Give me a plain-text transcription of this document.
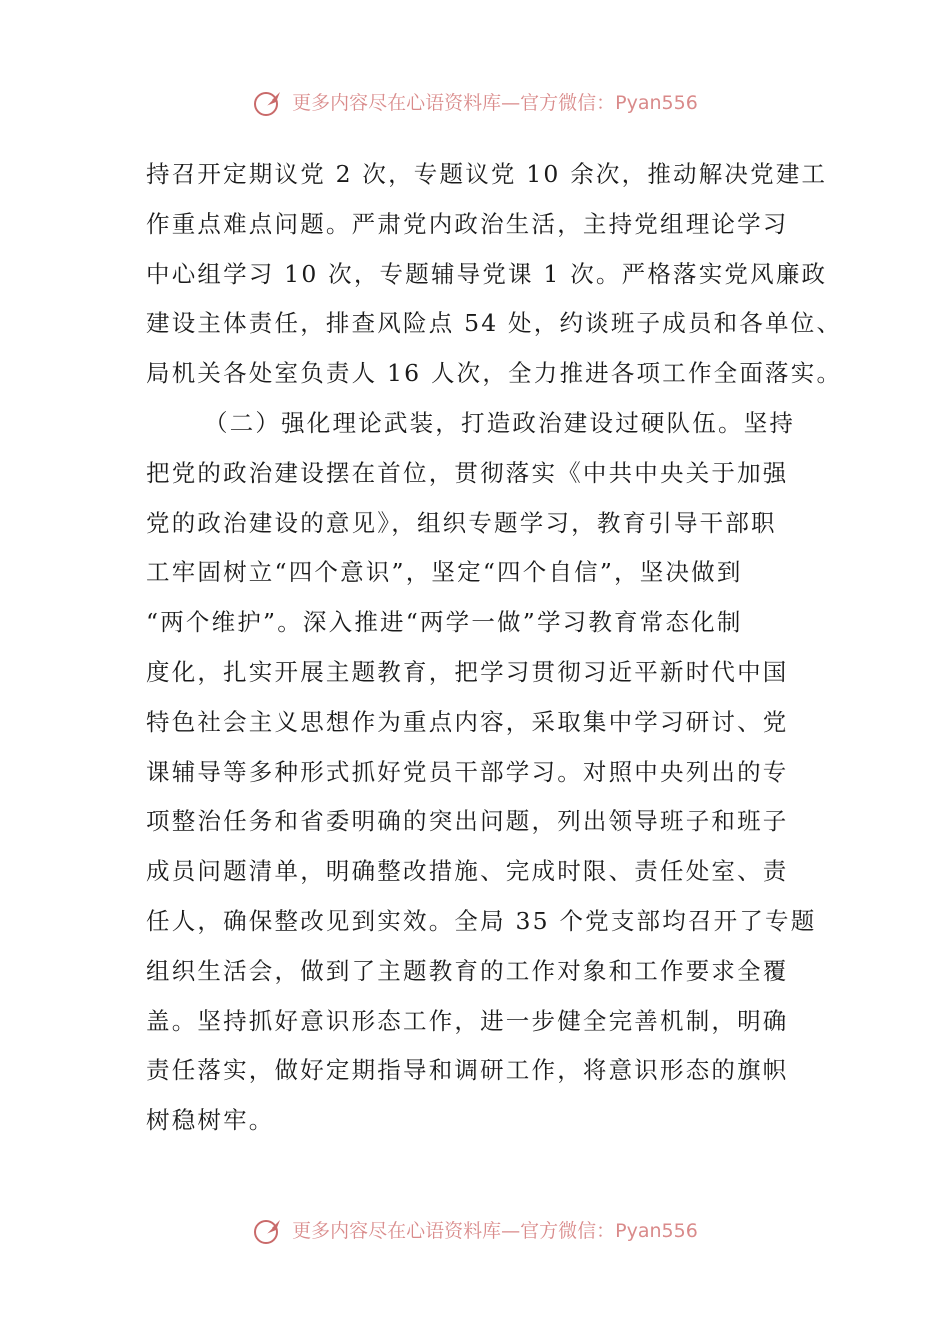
更多内容尽在心语资料库—官方微信：Pyan556
持召开定期议党 2 次，专题议党 10 余次，推动解决党建工
作重点难点问题。严肃党内政治生活，主持党组理论学习
中心组学习 10 次，专题辅导党课 1 次。严格落实党风廉政
建设主体责任，排查风险点 54 处，约谈班子成员和各单位、
局机关各处室负责人 16 人次，全力推进各项工作全面落实。
（二）强化理论武装，打造政治建设过硬队伍。坚持
把党的政治建设摆在首位，贯彻落实《中共中央关于加强
党的政治建设的意见》，组织专题学习，教育引导干部职
工牢固树立“四个意识”，坚定“四个自信”，坚决做到
“两个维护”。深入推进“两学一做”学习教育常态化制
度化，扎实开展主题教育，把学习贯彻习近平新时代中国
特色社会主义思想作为重点内容，采取集中学习研讨、党
课辅导等多种形式抓好党员干部学习。对照中央列出的专
项整治任务和省委明确的突出问题，列出领导班子和班子
成员问题清单，明确整改措施、完成时限、责任处室、责
任人，确保整改见到实效。全局 35 个党支部均召开了专题
组织生活会，做到了主题教育的工作对象和工作要求全覆
盖。坚持抓好意识形态工作，进一步健全完善机制，明确
责任落实，做好定期指导和调研工作，将意识形态的旗帜
树稳树牢。
更多内容尽在心语资料库—官方微信：Pyan556
